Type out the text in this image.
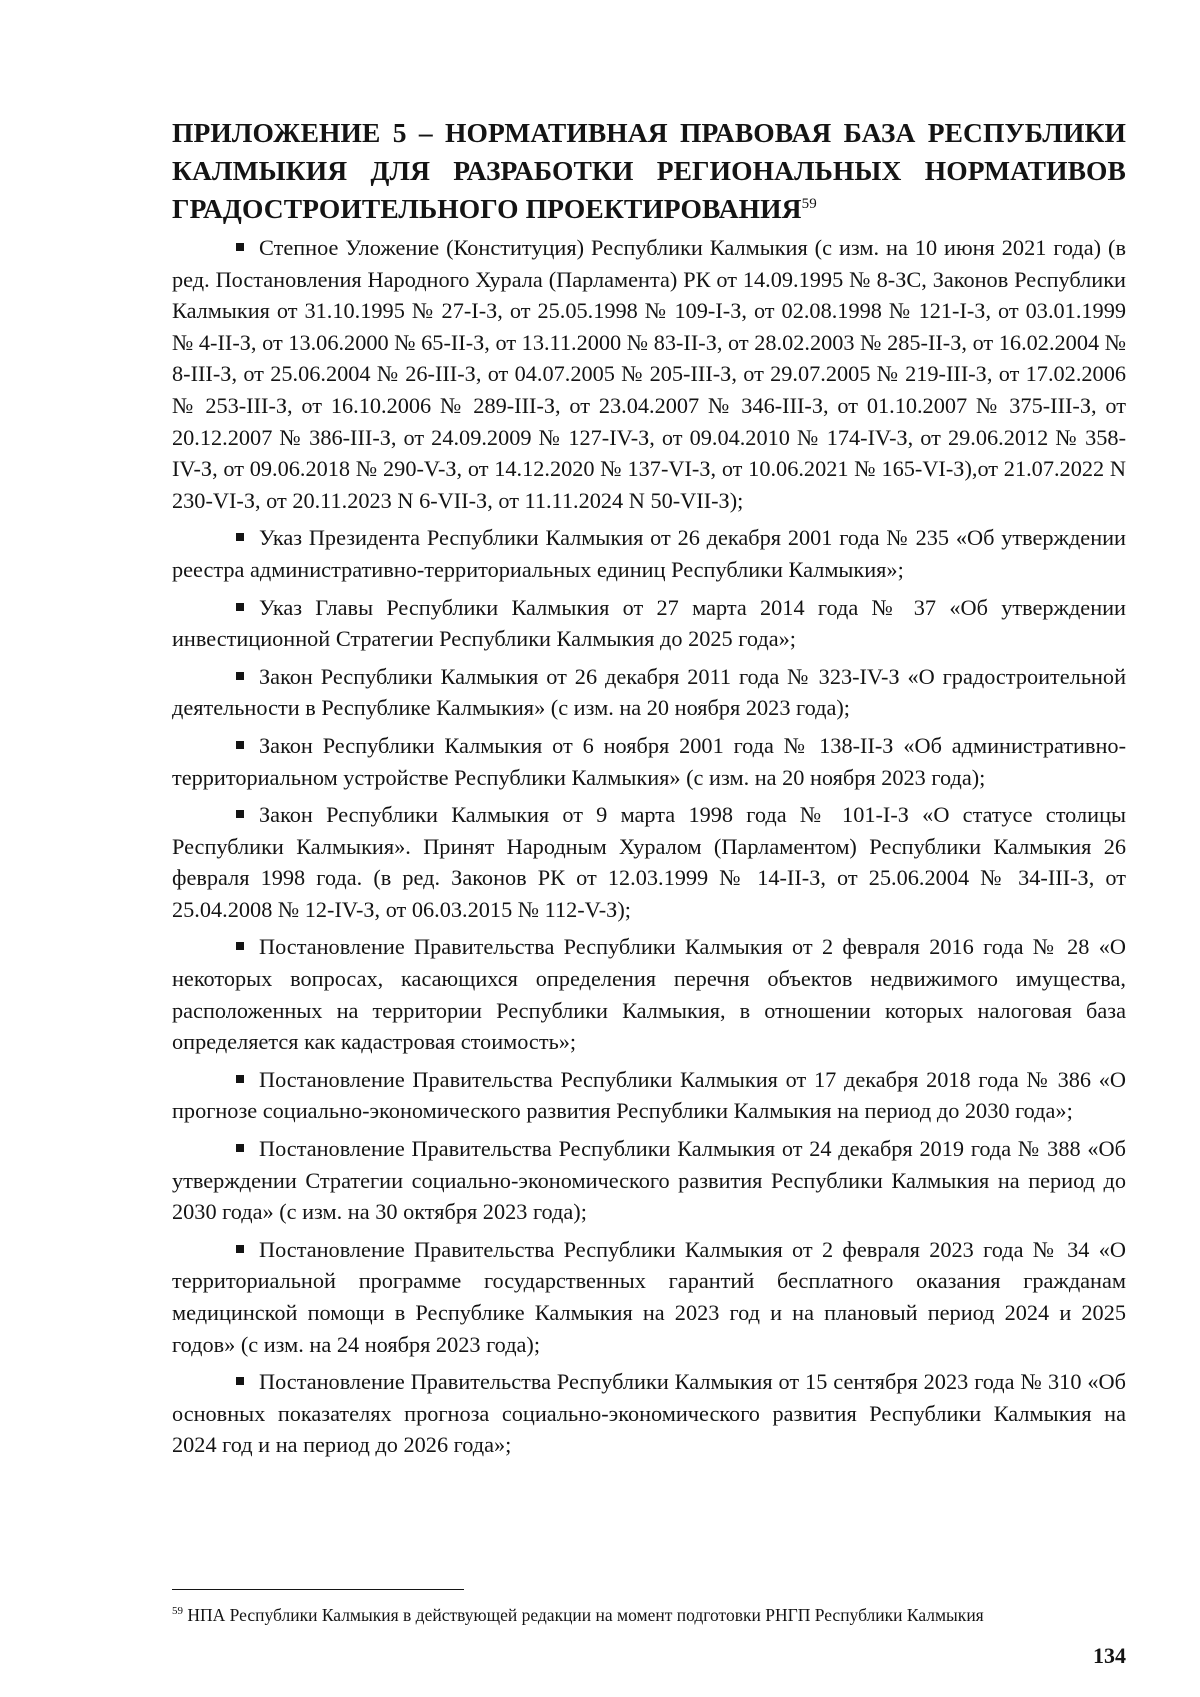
ПРИЛОЖЕНИЕ 5 – НОРМАТИВНАЯ ПРАВОВАЯ БАЗА РЕСПУБЛИКИ КАЛМЫКИЯ ДЛЯ РАЗРАБОТКИ РЕГИОНАЛЬНЫХ НОРМАТИВОВ ГРАДОСТРОИТЕЛЬНОГО ПРОЕКТИРОВАНИЯ$^{59}$

Степное Уложение (Конституция) Республики Калмыкия (с изм. на 10 июня 2021 года) (в ред. Постановления Народного Хурала (Парламента) РК от 14.09.1995 № 8-ЗС, Законов Республики Калмыкия от 31.10.1995 № 27-I-З, от 25.05.1998 № 109-I-З, от 02.08.1998 № 121-I-З, от 03.01.1999 № 4-II-З, от 13.06.2000 № 65-II-З, от 13.11.2000 № 83-II-З, от 28.02.2003 № 285-II-З, от 16.02.2004 № 8-III-З, от 25.06.2004 № 26-III-З, от 04.07.2005 № 205-III-З, от 29.07.2005 № 219-III-З, от 17.02.2006 № 253-III-З, от 16.10.2006 № 289-III-З, от 23.04.2007 № 346-III-З, от 01.10.2007 № 375-III-З, от 20.12.2007 № 386-III-З, от 24.09.2009 № 127-IV-З, от 09.04.2010 № 174-IV-З, от 29.06.2012 № 358-IV-З, от 09.06.2018 № 290-V-З, от 14.12.2020 № 137-VI-З, от 10.06.2021 № 165-VI-З),от 21.07.2022 N 230-VI-З, от 20.11.2023 N 6-VII-З, от 11.11.2024 N 50-VII-З);

Указ Президента Республики Калмыкия от 26 декабря 2001 года № 235 «Об утверждении реестра административно-территориальных единиц Республики Калмыкия»;

Указ Главы Республики Калмыкия от 27 марта 2014 года № 37 «Об утверждении инвестиционной Стратегии Республики Калмыкия до 2025 года»;

Закон Республики Калмыкия от 26 декабря 2011 года № 323-IV-З «О градостроительной деятельности в Республике Калмыкия» (с изм. на 20 ноября 2023 года);

Закон Республики Калмыкия от 6 ноября 2001 года № 138-II-З «Об административно-территориальном устройстве Республики Калмыкия» (с изм. на 20 ноября 2023 года);

Закон Республики Калмыкия от 9 марта 1998 года № 101-I-З «О статусе столицы Республики Калмыкия». Принят Народным Хуралом (Парламентом) Республики Калмыкия 26 февраля 1998 года. (в ред. Законов РК от 12.03.1999 № 14-II-З, от 25.06.2004 № 34-III-З, от 25.04.2008 № 12-IV-З, от 06.03.2015 № 112-V-З);

Постановление Правительства Республики Калмыкия от 2 февраля 2016 года № 28 «О некоторых вопросах, касающихся определения перечня объектов недвижимого имущества, расположенных на территории Республики Калмыкия, в отношении которых налоговая база определяется как кадастровая стоимость»;

Постановление Правительства Республики Калмыкия от 17 декабря 2018 года № 386 «О прогнозе социально-экономического развития Республики Калмыкия на период до 2030 года»;

Постановление Правительства Республики Калмыкия от 24 декабря 2019 года № 388 «Об утверждении Стратегии социально-экономического развития Республики Калмыкия на период до 2030 года» (с изм. на 30 октября 2023 года);

Постановление Правительства Республики Калмыкия от 2 февраля 2023 года № 34 «О территориальной программе государственных гарантий бесплатного оказания гражданам медицинской помощи в Республике Калмыкия на 2023 год и на плановый период 2024 и 2025 годов» (с изм. на 24 ноября 2023 года);

Постановление Правительства Республики Калмыкия от 15 сентября 2023 года № 310 «Об основных показателях прогноза социально-экономического развития Республики Калмыкия на 2024 год и на период до 2026 года»;

$^{59}$ НПА Республики Калмыкия в действующей редакции на момент подготовки РНГП Республики Калмыкия
134
